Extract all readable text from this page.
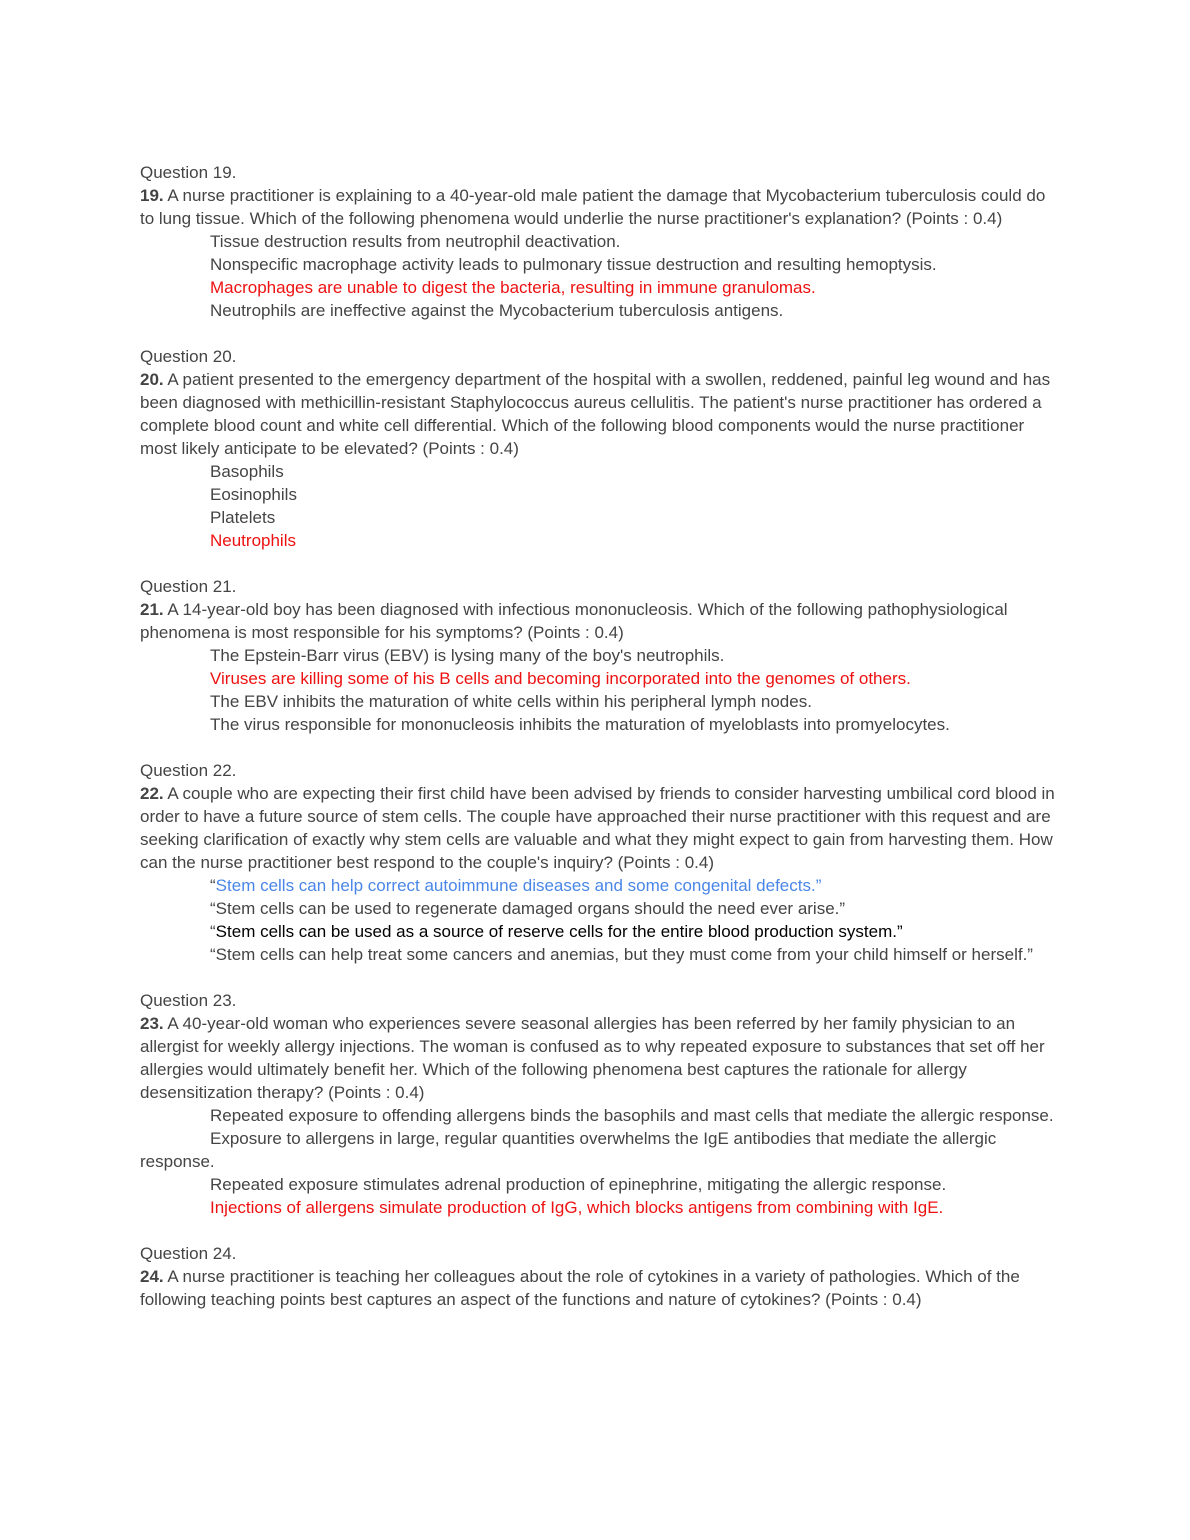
Question 19.

19. A nurse practitioner is explaining to a 40-year-old male patient the damage that Mycobacterium tuberculosis could do to lung tissue. Which of the following phenomena would underlie the nurse practitioner's explanation? (Points : 0.4)

Tissue destruction results from neutrophil deactivation.

Nonspecific macrophage activity leads to pulmonary tissue destruction and resulting hemoptysis.

Macrophages are unable to digest the bacteria, resulting in immune granulomas.

Neutrophils are ineffective against the Mycobacterium tuberculosis antigens.

Question 20.

20. A patient presented to the emergency department of the hospital with a swollen, reddened, painful leg wound and has been diagnosed with methicillin-resistant Staphylococcus aureus cellulitis. The patient's nurse practitioner has ordered a complete blood count and white cell differential. Which of the following blood components would the nurse practitioner most likely anticipate to be elevated? (Points : 0.4)

Basophils

Eosinophils

Platelets

Neutrophils

Question 21.

21. A 14-year-old boy has been diagnosed with infectious mononucleosis. Which of the following pathophysiological phenomena is most responsible for his symptoms? (Points : 0.4)

The Epstein-Barr virus (EBV) is lysing many of the boy's neutrophils.

Viruses are killing some of his B cells and becoming incorporated into the genomes of others.

The EBV inhibits the maturation of white cells within his peripheral lymph nodes.

The virus responsible for mononucleosis inhibits the maturation of myeloblasts into promyelocytes.

Question 22.

22. A couple who are expecting their first child have been advised by friends to consider harvesting umbilical cord blood in order to have a future source of stem cells. The couple have approached their nurse practitioner with this request and are seeking clarification of exactly why stem cells are valuable and what they might expect to gain from harvesting them. How can the nurse practitioner best respond to the couple's inquiry? (Points : 0.4)

“Stem cells can help correct autoimmune diseases and some congenital defects.”

“Stem cells can be used to regenerate damaged organs should the need ever arise.”

“Stem cells can be used as a source of reserve cells for the entire blood production system.”

“Stem cells can help treat some cancers and anemias, but they must come from your child himself or herself.”

Question 23.

23. A 40-year-old woman who experiences severe seasonal allergies has been referred by her family physician to an allergist for weekly allergy injections. The woman is confused as to why repeated exposure to substances that set off her allergies would ultimately benefit her. Which of the following phenomena best captures the rationale for allergy desensitization therapy? (Points : 0.4)

Repeated exposure to offending allergens binds the basophils and mast cells that mediate the allergic response.

Exposure to allergens in large, regular quantities overwhelms the IgE antibodies that mediate the allergic response.

Repeated exposure stimulates adrenal production of epinephrine, mitigating the allergic response.

Injections of allergens simulate production of IgG, which blocks antigens from combining with IgE.

Question 24.

24. A nurse practitioner is teaching her colleagues about the role of cytokines in a variety of pathologies. Which of the following teaching points best captures an aspect of the functions and nature of cytokines? (Points : 0.4)
